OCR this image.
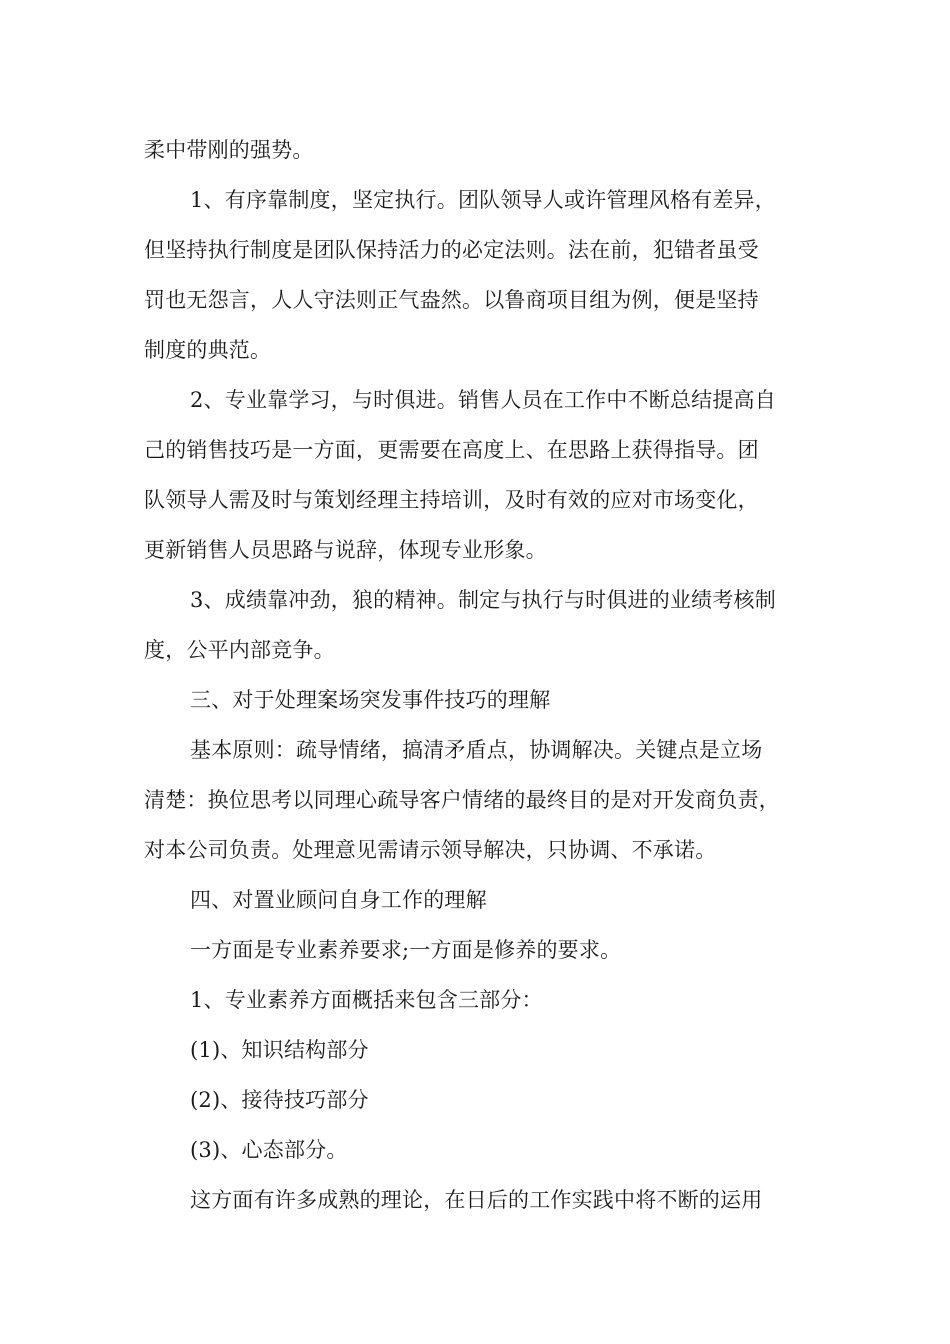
柔中带刚的强势。
1、有序靠制度，坚定执行。团队领导人或许管理风格有差异，
但坚持执行制度是团队保持活力的必定法则。法在前，犯错者虽受
罚也无怨言，人人守法则正气盎然。以鲁商项目组为例，便是坚持
制度的典范。
2、专业靠学习，与时俱进。销售人员在工作中不断总结提高自
己的销售技巧是一方面，更需要在高度上、在思路上获得指导。团
队领导人需及时与策划经理主持培训，及时有效的应对市场变化，
更新销售人员思路与说辞，体现专业形象。
3、成绩靠冲劲，狼的精神。制定与执行与时俱进的业绩考核制
度，公平内部竞争。
三、对于处理案场突发事件技巧的理解
基本原则：疏导情绪，搞清矛盾点，协调解决。关键点是立场
清楚：换位思考以同理心疏导客户情绪的最终目的是对开发商负责，
对本公司负责。处理意见需请示领导解决，只协调、不承诺。
四、对置业顾问自身工作的理解
一方面是专业素养要求;一方面是修养的要求。
1、专业素养方面概括来包含三部分：
(1)、知识结构部分
(2)、接待技巧部分
(3)、心态部分。
这方面有许多成熟的理论，在日后的工作实践中将不断的运用
